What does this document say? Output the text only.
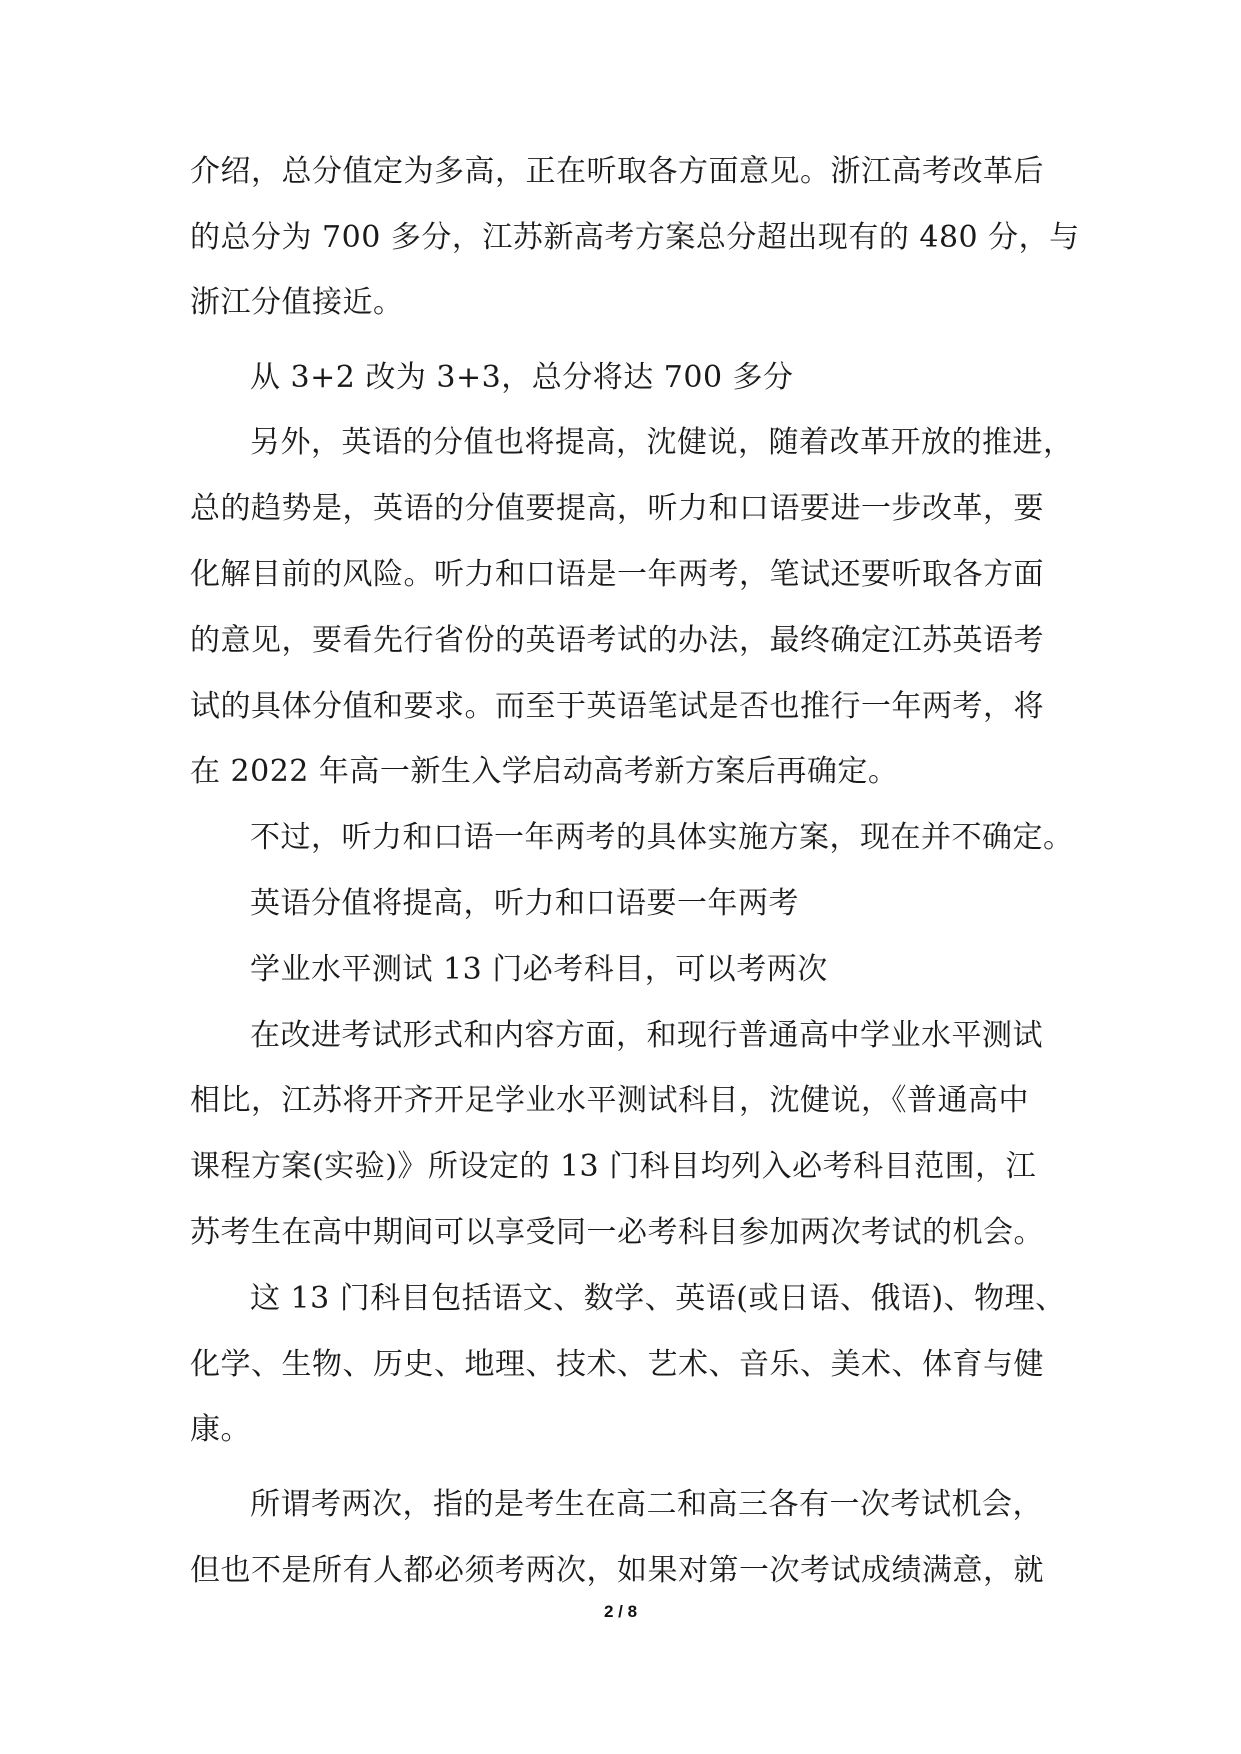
介绍，总分值定为多高，正在听取各方面意见。浙江高考改革后
的总分为 700 多分，江苏新高考方案总分超出现有的 480 分，与
浙江分值接近。
从 3+2 改为 3+3，总分将达 700 多分
另外，英语的分值也将提高，沈健说，随着改革开放的推进，
总的趋势是，英语的分值要提高，听力和口语要进一步改革，要
化解目前的风险。听力和口语是一年两考，笔试还要听取各方面
的意见，要看先行省份的英语考试的办法，最终确定江苏英语考
试的具体分值和要求。而至于英语笔试是否也推行一年两考，将
在 2022 年高一新生入学启动高考新方案后再确定。
不过，听力和口语一年两考的具体实施方案，现在并不确定。
英语分值将提高，听力和口语要一年两考
学业水平测试 13 门必考科目，可以考两次
在改进考试形式和内容方面，和现行普通高中学业水平测试
相比，江苏将开齐开足学业水平测试科目，沈健说，《普通高中
课程方案(实验)》所设定的 13 门科目均列入必考科目范围，江
苏考生在高中期间可以享受同一必考科目参加两次考试的机会。
这 13 门科目包括语文、数学、英语(或日语、俄语)、物理、
化学、生物、历史、地理、技术、艺术、音乐、美术、体育与健
康。
所谓考两次，指的是考生在高二和高三各有一次考试机会，
但也不是所有人都必须考两次，如果对第一次考试成绩满意，就
2 / 8
